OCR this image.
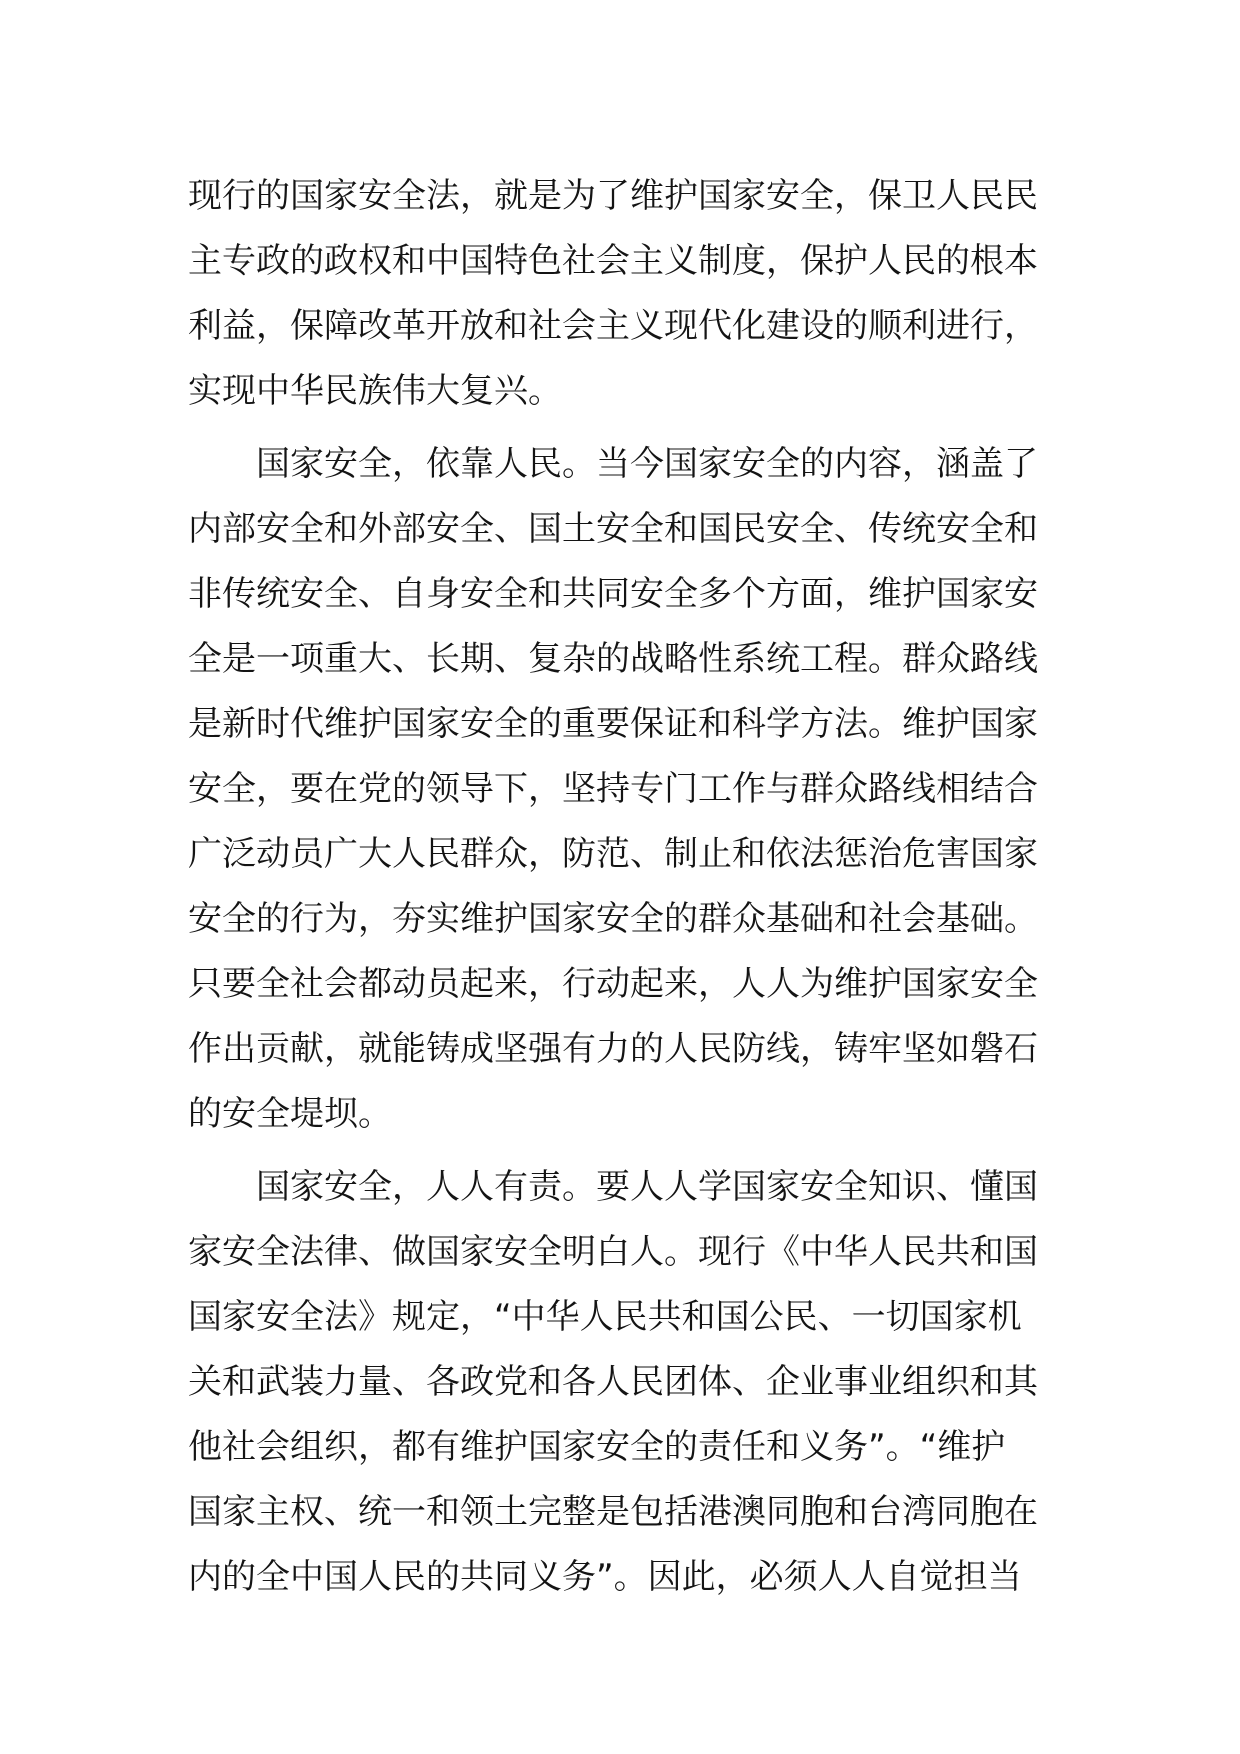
现行的国家安全法，就是为了维护国家安全，保卫人民民
主专政的政权和中国特色社会主义制度，保护人民的根本
利益，保障改革开放和社会主义现代化建设的顺利进行，
实现中华民族伟大复兴。
国家安全，依靠人民。当今国家安全的内容，涵盖了
内部安全和外部安全、国土安全和国民安全、传统安全和
非传统安全、自身安全和共同安全多个方面，维护国家安
全是一项重大、长期、复杂的战略性系统工程。群众路线
是新时代维护国家安全的重要保证和科学方法。维护国家
安全，要在党的领导下，坚持专门工作与群众路线相结合
广泛动员广大人民群众，防范、制止和依法惩治危害国家
安全的行为，夯实维护国家安全的群众基础和社会基础。
只要全社会都动员起来，行动起来，人人为维护国家安全
作出贡献，就能铸成坚强有力的人民防线，铸牢坚如磐石
的安全堤坝。
国家安全，人人有责。要人人学国家安全知识、懂国
家安全法律、做国家安全明白人。现行《中华人民共和国
国家安全法》规定，“中华人民共和国公民、一切国家机
关和武装力量、各政党和各人民团体、企业事业组织和其
他社会组织，都有维护国家安全的责任和义务”。“维护
国家主权、统一和领土完整是包括港澳同胞和台湾同胞在
内的全中国人民的共同义务”。因此，必须人人自觉担当
